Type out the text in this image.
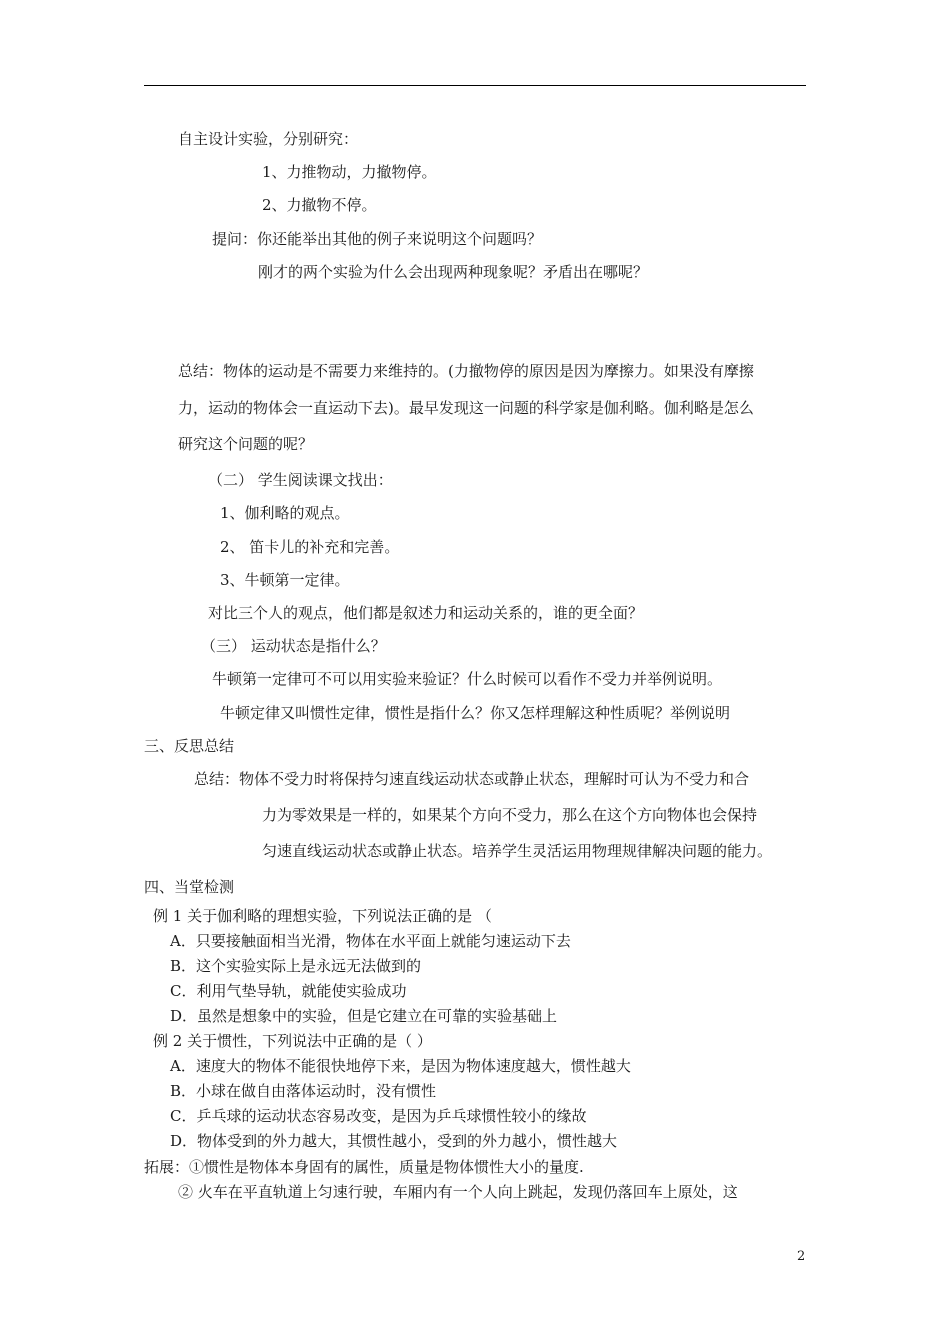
自主设计实验，分别研究：
1、力推物动，力撤物停。
2、力撤物不停。
提问：你还能举出其他的例子来说明这个问题吗？
刚才的两个实验为什么会出现两种现象呢？矛盾出在哪呢？
总结：物体的运动是不需要力来维持的。(力撤物停的原因是因为摩擦力。如果没有摩擦
力，运动的物体会一直运动下去)。最早发现这一问题的科学家是伽利略。伽利略是怎么
研究这个问题的呢？
（二） 学生阅读课文找出：
1、伽利略的观点。
2、 笛卡儿的补充和完善。
3、牛顿第一定律。
对比三个人的观点，他们都是叙述力和运动关系的，谁的更全面？
（三） 运动状态是指什么？
牛顿第一定律可不可以用实验来验证？什么时候可以看作不受力并举例说明。
牛顿定律又叫惯性定律，惯性是指什么？你又怎样理解这种性质呢？举例说明
三、反思总结
总结：物体不受力时将保持匀速直线运动状态或静止状态，理解时可认为不受力和合
力为零效果是一样的，如果某个方向不受力，那么在这个方向物体也会保持
匀速直线运动状态或静止状态。培养学生灵活运用物理规律解决问题的能力。
四、当堂检测
例 1 关于伽利略的理想实验，下列说法正确的是 （
A．只要接触面相当光滑，物体在水平面上就能匀速运动下去
B．这个实验实际上是永远无法做到的
C．利用气垫导轨，就能使实验成功
D．虽然是想象中的实验，但是它建立在可靠的实验基础上
例 2 关于惯性，下列说法中正确的是（ ）
A．速度大的物体不能很快地停下来，是因为物体速度越大，惯性越大
B．小球在做自由落体运动时，没有惯性
C．乒乓球的运动状态容易改变，是因为乒乓球惯性较小的缘故
D．物体受到的外力越大，其惯性越小，受到的外力越小，惯性越大
拓展：①惯性是物体本身固有的属性，质量是物体惯性大小的量度.
② 火车在平直轨道上匀速行驶，车厢内有一个人向上跳起，发现仍落回车上原处，这
2
